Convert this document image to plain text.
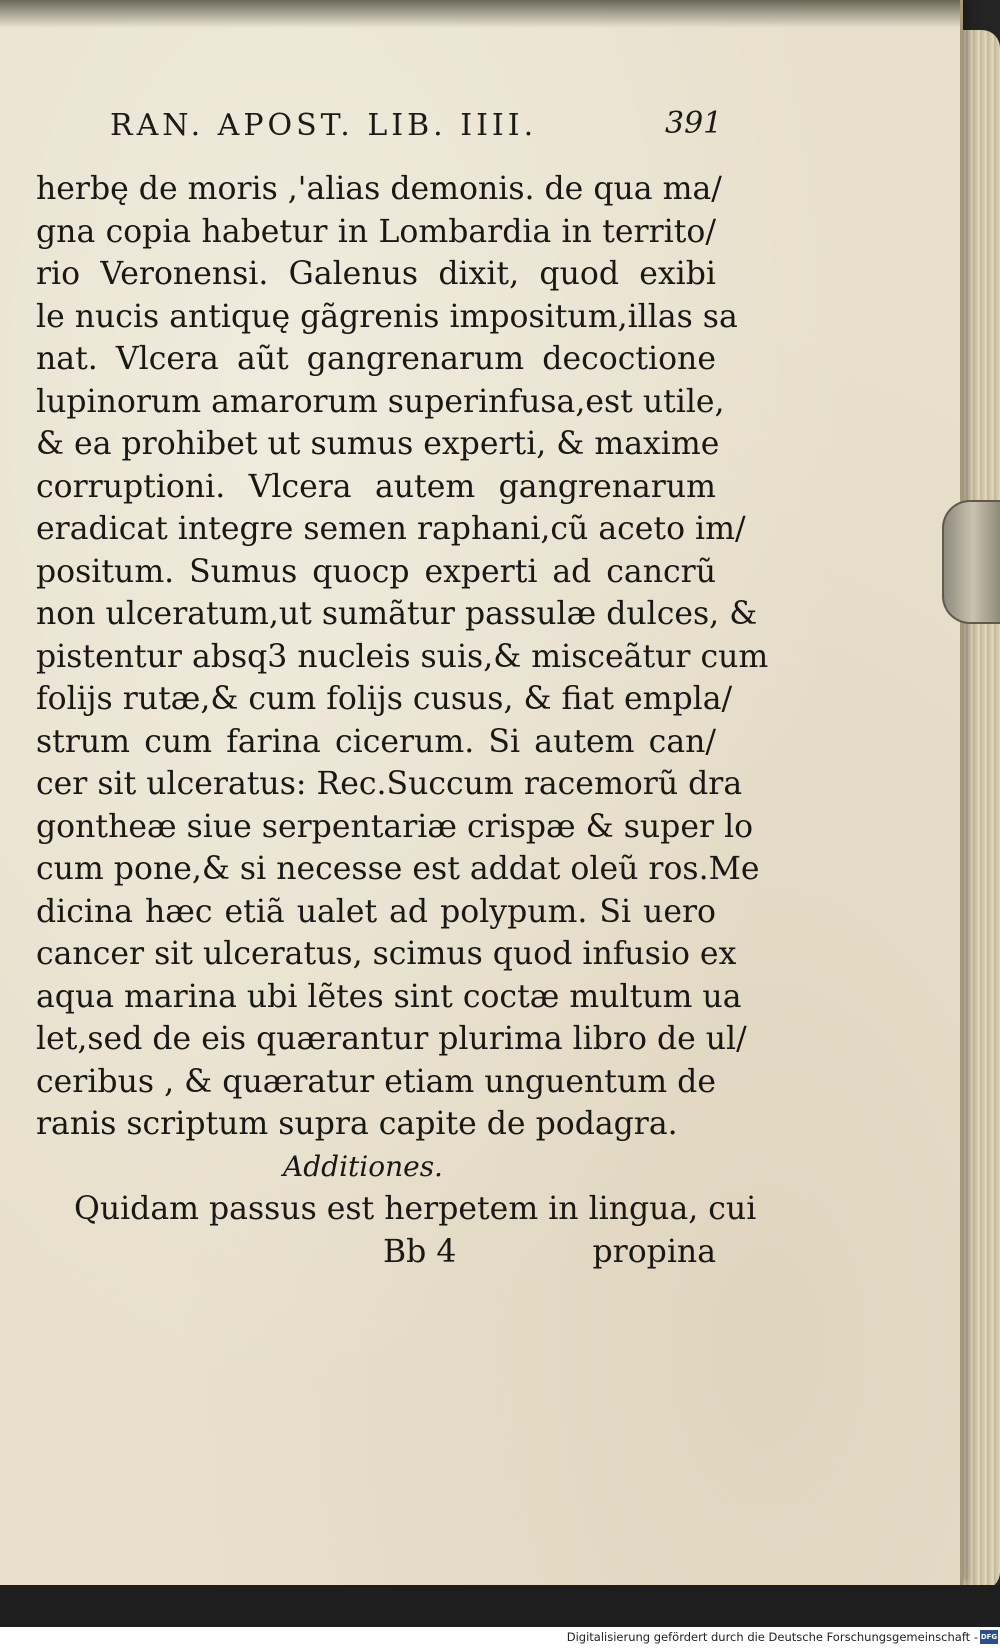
RAN. APOST. LIB. IIII.	391
herbę de moris ,'alias demonis. de qua ma/
gna copia habetur in Lombardia in territo/
rio Veronensi. Galenus dixit, quod exibi
le nucis antiquę gãgrenis impositum,illas sa
nat. Vlcera aũt gangrenarum decoctione
lupinorum amarorum superinfusa,est utile,
& ea prohibet ut sumus experti, & maxime
corruptioni. Vlcera autem gangrenarum
eradicat integre semen raphani,cũ aceto im/
positum. Sumus quocp experti ad cancrũ
non ulceratum,ut sumãtur passulæ dulces, &
pistentur absq3 nucleis suis,& misceãtur cum
folijs rutæ,& cum folijs cusus, & fiat empla/
strum cum farina cicerum. Si autem can/
cer sit ulceratus: Rec.Succum racemorũ dra
gontheæ siue serpentariæ crispæ & super lo
cum pone,& si necesse est addat oleũ ros.Me
dicina hæc etiã ualet ad polypum. Si uero
cancer sit ulceratus, scimus quod infusio ex
aqua marina ubi lẽtes sint coctæ multum ua
let,sed de eis quærantur plurima libro de ul/
ceribus , & quæratur etiam unguentum de
ranis scriptum supra capite de podagra.
Additiones.
Quidam passus est herpetem in lingua, cui
Bb 4	propina
Digitalisierung gefördert durch die Deutsche Forschungsgemeinschaft - DFG
